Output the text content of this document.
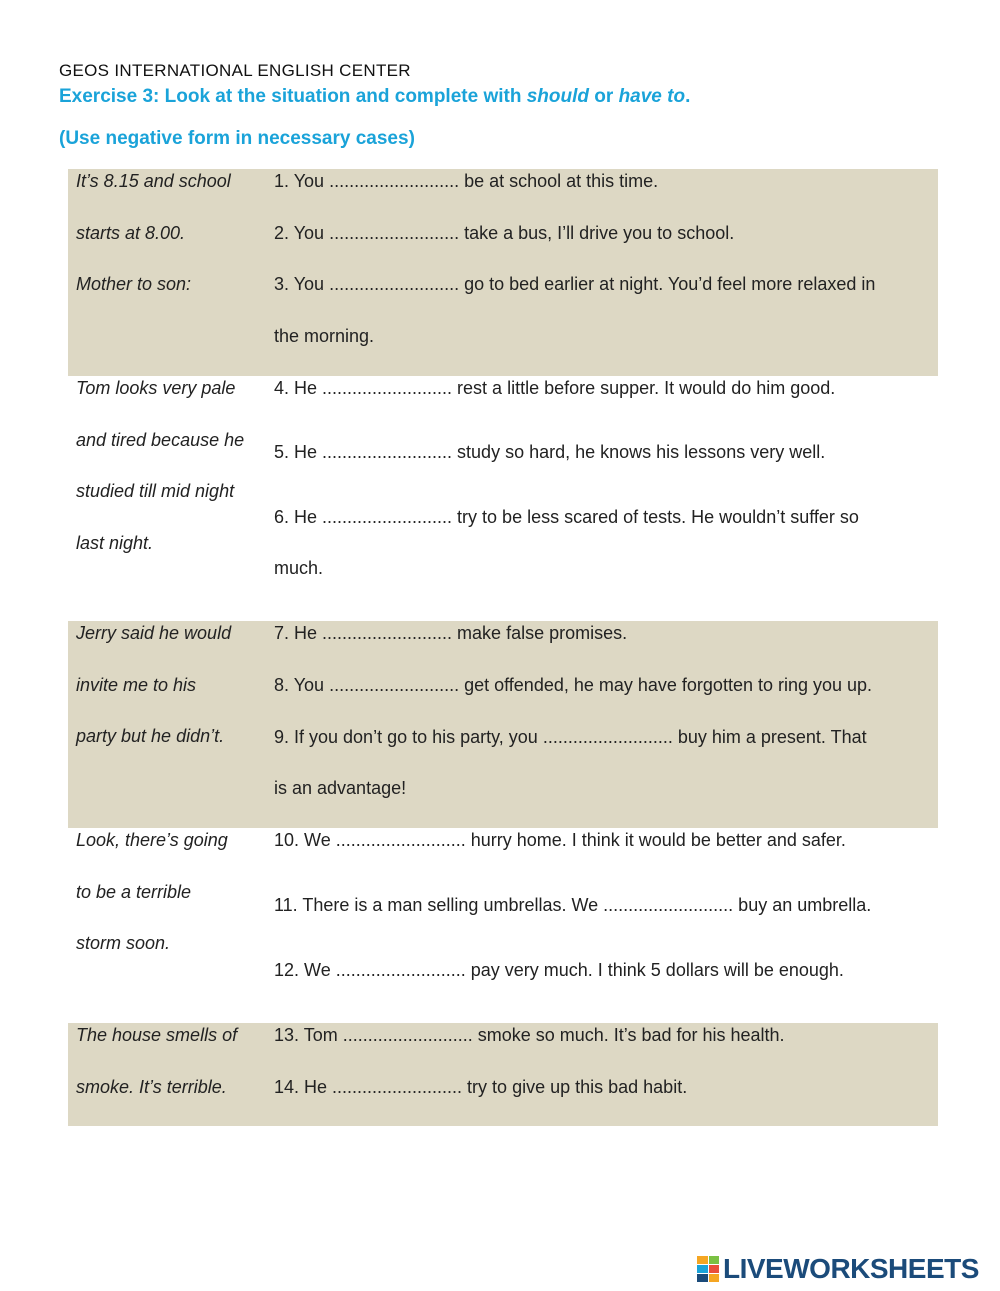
GEOS INTERNATIONAL ENGLISH CENTER
Exercise 3: Look at the situation and complete with should or have to.
(Use negative form in necessary cases)
It’s 8.15 and school
starts at 8.00.
Mother to son:
1. You .......................... be at school at this time.
2. You .......................... take a bus, I’ll drive you to school.
3. You .......................... go to bed earlier at night. You’d feel more relaxed in
the morning.
Tom looks very pale
and tired because he
studied till mid night
last night.
4. He .......................... rest a little before supper. It would do him good.
5. He .......................... study so hard, he knows his lessons very well.
6. He .......................... try to be less scared of tests. He wouldn’t suffer so
much.
Jerry said he would
invite me to his
party but he didn’t.
7. He .......................... make false promises.
8. You .......................... get offended, he may have forgotten to ring you up.
9. If you don’t go to his party, you .......................... buy him a present. That
is an advantage!
Look, there’s going
to be a terrible
storm soon.
10. We .......................... hurry home. I think it would be better and safer.
11. There is a man selling umbrellas. We .......................... buy an umbrella.
12. We .......................... pay very much. I think 5 dollars will be enough.
The house smells of
smoke. It’s terrible.
13. Tom .......................... smoke so much. It’s bad for his health.
14. He .......................... try to give up this bad habit.
LIVEWORKSHEETS
